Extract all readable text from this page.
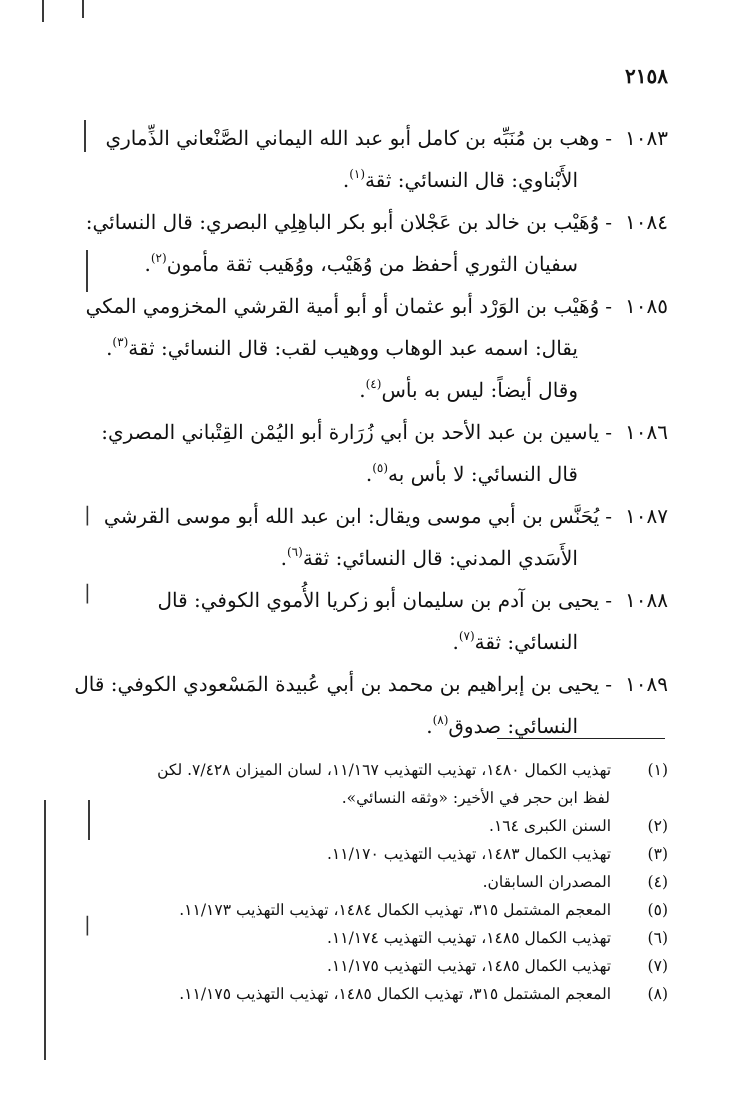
|
|
|
٢١٥٨
١٠٨٣-وهب بن مُنَبِّه بن كامل أبو عبد الله اليماني الصَّنْعاني الذِّماري
الأَبْناوي: قال النسائي: ثقة$^{(١)}$.
١٠٨٤-وُهَيْب بن خالد بن عَجْلان أبو بكر الباهِلِي البصري: قال النسائي:
سفيان الثوري أحفظ من وُهَيْب، ووُهَيب ثقة مأمون$^{(٢)}$.
١٠٨٥-وُهَيْب بن الوَرْد أبو عثمان أو أبو أمية القرشي المخزومي المكي
يقال: اسمه عبد الوهاب ووهيب لقب: قال النسائي: ثقة$^{(٣)}$.
وقال أيضاً: ليس به بأس$^{(٤)}$.
١٠٨٦-ياسين بن عبد الأحد بن أبي زُرَارة أبو اليُمْن القِتْباني المصري:
قال النسائي: لا بأس به$^{(٥)}$.
١٠٨٧-يُحَنَّس بن أبي موسى ويقال: ابن عبد الله أبو موسى القرشي
الأَسَدي المدني: قال النسائي: ثقة$^{(٦)}$.
١٠٨٨-يحيى بن آدم بن سليمان أبو زكريا الأُموي الكوفي: قال
النسائي: ثقة$^{(٧)}$.
١٠٨٩-يحيى بن إبراهيم بن محمد بن أبي عُبيدة المَسْعودي الكوفي: قال
النسائي: صدوق$^{(٨)}$.
(١) تهذيب الكمال ١٤٨٠، تهذيب التهذيب ١١/١٦٧، لسان الميزان ٧/٤٢٨. لكن
لفظ ابن حجر في الأخير: «وثقه النسائي».
(٢) السنن الكبرى ١٦٤.
(٣) تهذيب الكمال ١٤٨٣، تهذيب التهذيب ١١/١٧٠.
(٤) المصدران السابقان.
(٥) المعجم المشتمل ٣١٥، تهذيب الكمال ١٤٨٤، تهذيب التهذيب ١١/١٧٣.
(٦) تهذيب الكمال ١٤٨٥، تهذيب التهذيب ١١/١٧٤.
(٧) تهذيب الكمال ١٤٨٥، تهذيب التهذيب ١١/١٧٥.
(٨) المعجم المشتمل ٣١٥، تهذيب الكمال ١٤٨٥، تهذيب التهذيب ١١/١٧٥.
